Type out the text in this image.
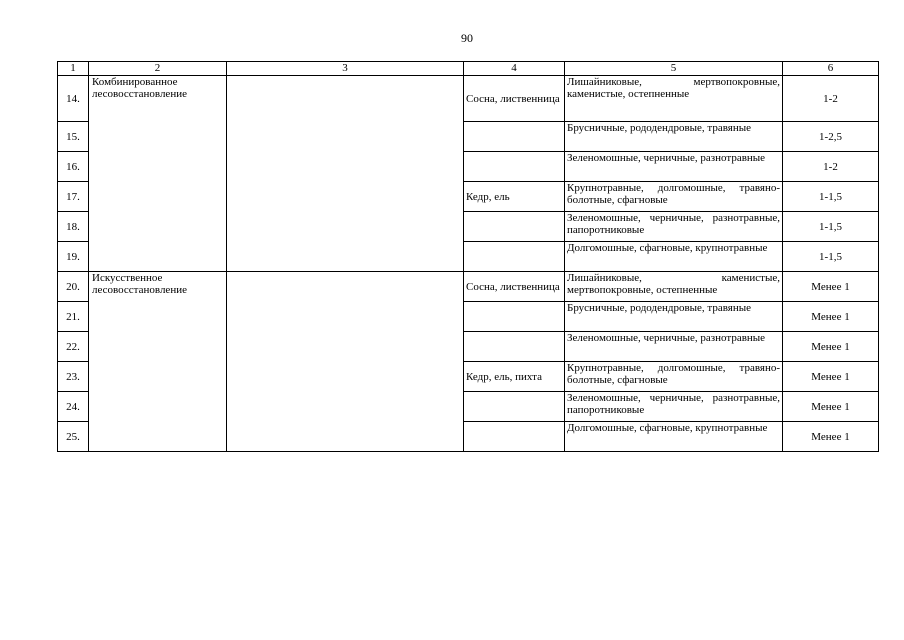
90
1	2	3	4	5	6
14.	Комбинированное лесовосстановление		Сосна, лиственница	Лишайниковые, мертвопокровные, каменистые, остепненные	1-2
15.				Брусничные, рододендровые, травяные	1-2,5
16.				Зеленомошные, черничные, разнотравные	1-2
17.			Кедр, ель	Крупнотравные, долгомошные, травяно-болотные, сфагновые	1-1,5
18.				Зеленомошные, черничные, разнотравные, папоротниковые	1-1,5
19.				Долгомошные, сфагновые, крупнотравные	1-1,5
20.	Искусственное лесовосстановление		Сосна, лиственница	Лишайниковые, каменистые, мертвопокровные, остепненные	Менее 1
21.				Брусничные, рододендровые, травяные	Менее 1
22.				Зеленомошные, черничные, разнотравные	Менее 1
23.			Кедр, ель, пихта	Крупнотравные, долгомошные, травяно-болотные, сфагновые	Менее 1
24.				Зеленомошные, черничные, разнотравные, папоротниковые	Менее 1
25.				Долгомошные, сфагновые, крупнотравные	Менее 1
